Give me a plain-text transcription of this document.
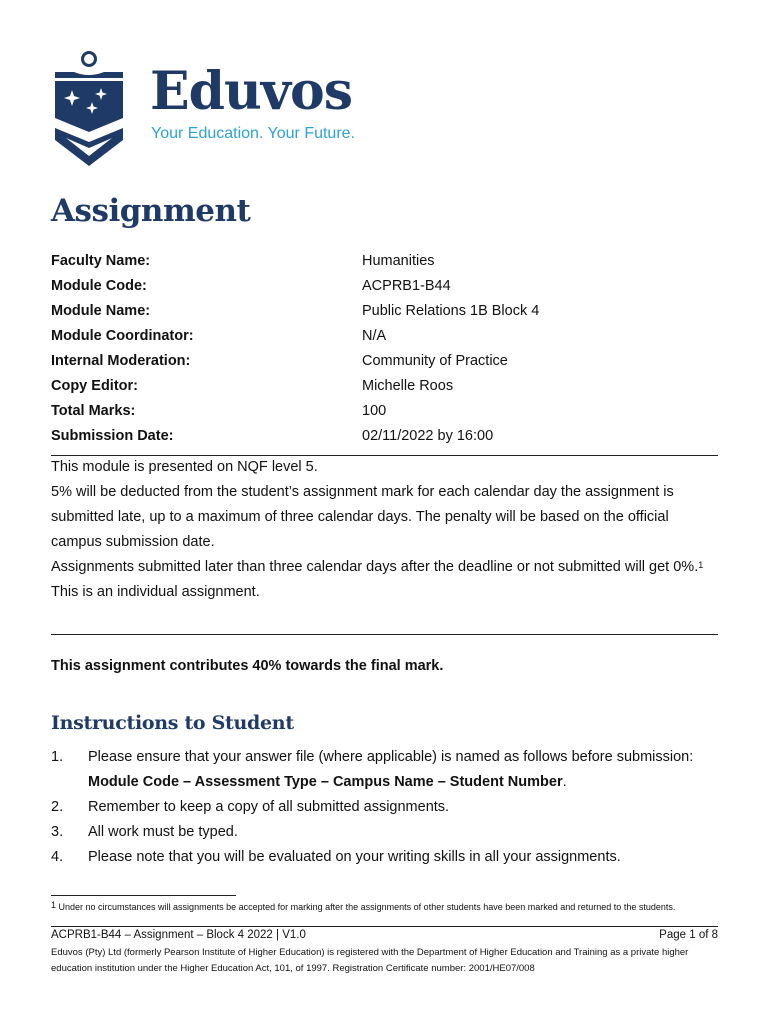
Eduvos
Your Education. Your Future.
Assignment
Faculty Name:	Humanities
Module Code:	ACPRB1-B44
Module Name:	Public Relations 1B Block 4
Module Coordinator:	N/A
Internal Moderation:	Community of Practice
Copy Editor:	Michelle Roos
Total Marks:	100
Submission Date:	02/11/2022 by 16:00

This module is presented on NQF level 5.

5% will be deducted from the student’s assignment mark for each calendar day the assignment is submitted late, up to a maximum of three calendar days. The penalty will be based on the official campus submission date.

Assignments submitted later than three calendar days after the deadline or not submitted will get 0%.$^1$

This is an individual assignment.

This assignment contributes 40% towards the final mark.
Instructions to Student
1. Please ensure that your answer file (where applicable) is named as follows before submission: Module Code – Assessment Type – Campus Name – Student Number.
2. Remember to keep a copy of all submitted assignments.
3. All work must be typed.
4. Please note that you will be evaluated on your writing skills in all your assignments.
$^1$ Under no circumstances will assignments be accepted for marking after the assignments of other students have been marked and returned to the students.
ACPRB1-B44 – Assignment – Block 4 2022 | V1.0	Page 1 of 8
Eduvos (Pty) Ltd (formerly Pearson Institute of Higher Education) is registered with the Department of Higher Education and Training as a private higher education institution under the Higher Education Act, 101, of 1997. Registration Certificate number: 2001/HE07/008
